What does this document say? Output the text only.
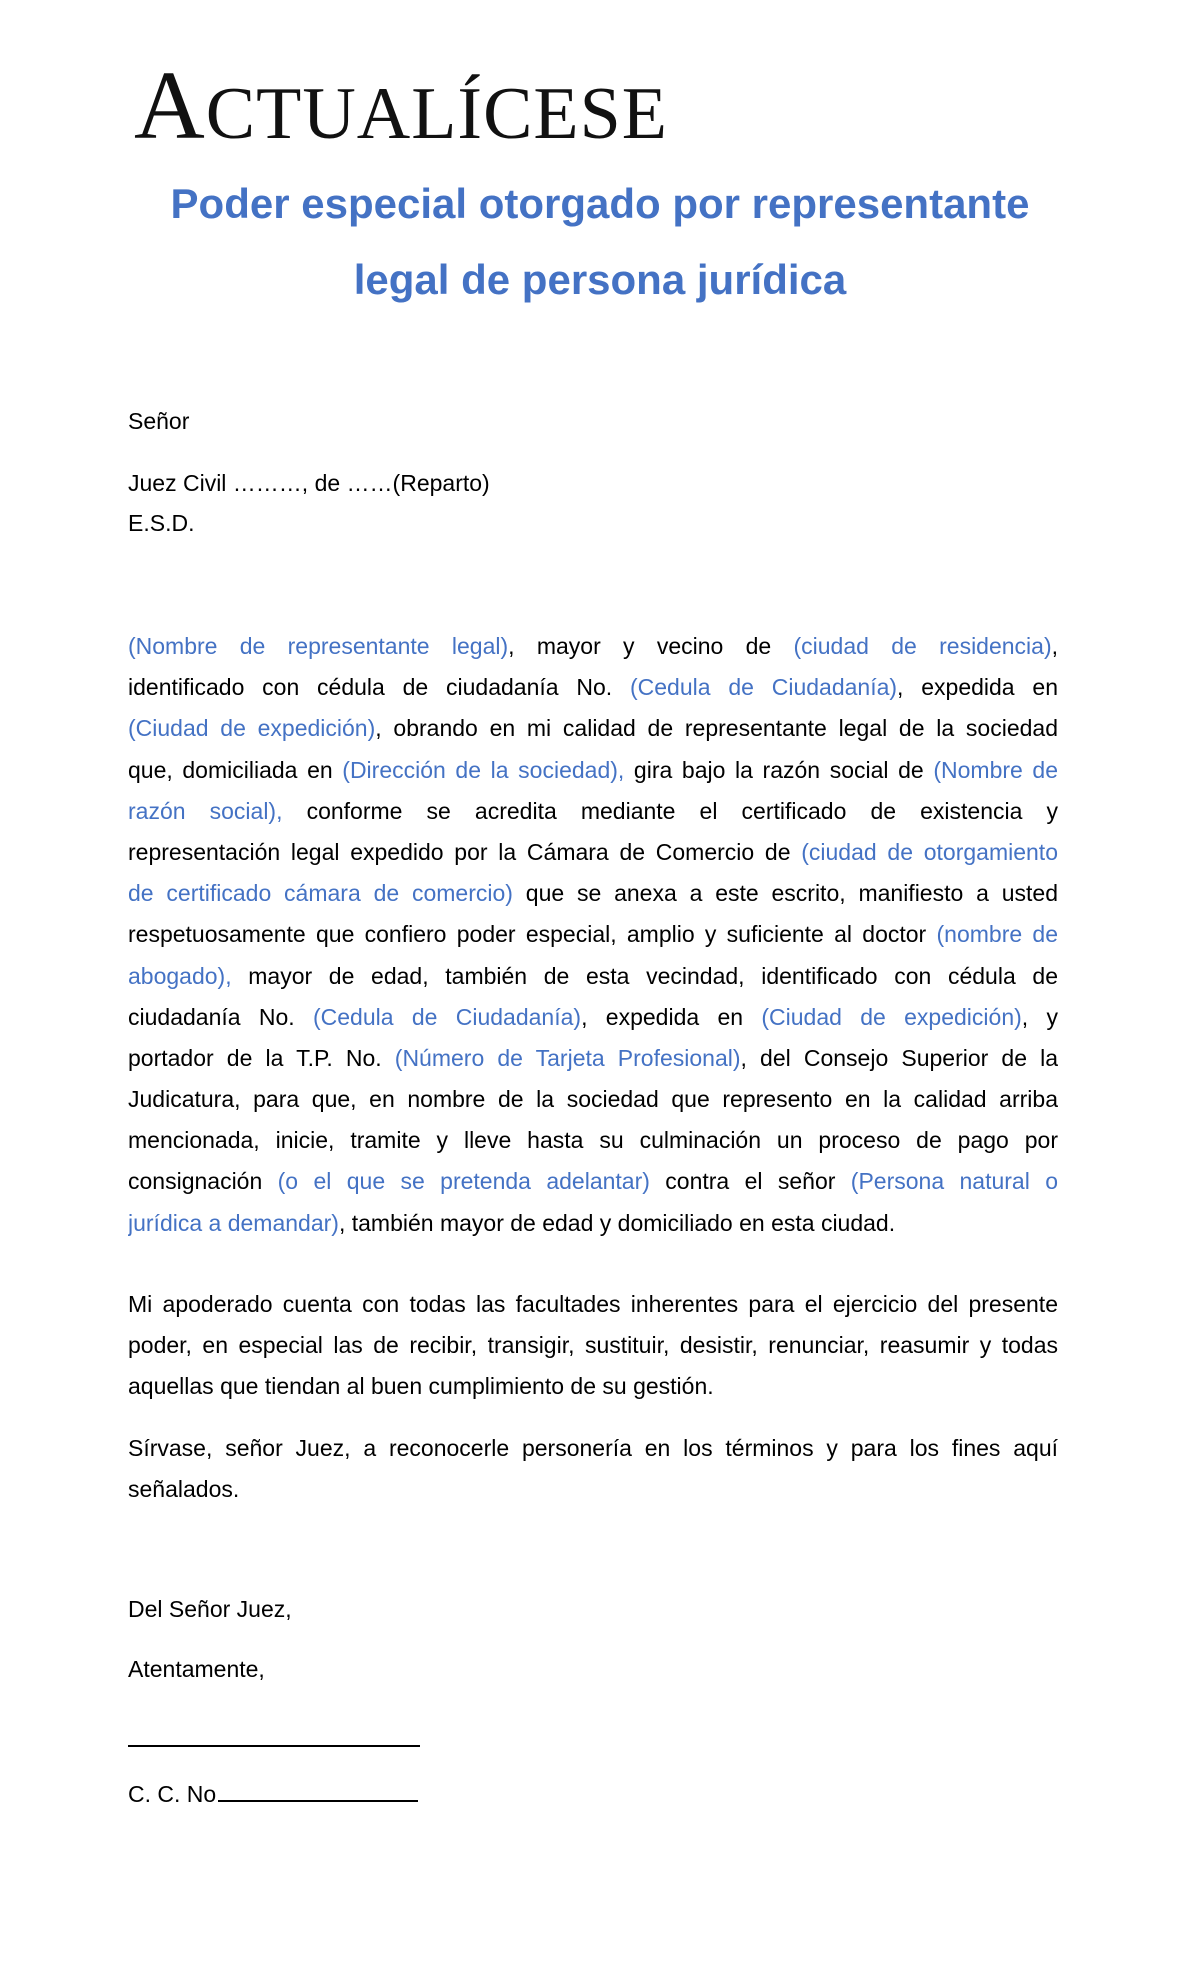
ACTUALÍCESE
Poder especial otorgado por representante
legal de persona jurídica
Señor
Juez Civil ………, de ……(Reparto)
E.S.D.
(Nombre de representante legal), mayor y vecino de (ciudad de residencia),
identificado con cédula de ciudadanía No. (Cedula de Ciudadanía), expedida en
(Ciudad de expedición), obrando en mi calidad de representante legal de la sociedad
que, domiciliada en (Dirección de la sociedad), gira bajo la razón social de (Nombre de
razón social), conforme se acredita mediante el certificado de existencia y
representación legal expedido por la Cámara de Comercio de (ciudad de otorgamiento
de certificado cámara de comercio) que se anexa a este escrito, manifiesto a usted
respetuosamente que confiero poder especial, amplio y suficiente al doctor (nombre de
abogado), mayor de edad, también de esta vecindad, identificado con cédula de
ciudadanía No. (Cedula de Ciudadanía), expedida en (Ciudad de expedición), y
portador de la T.P. No. (Número de Tarjeta Profesional), del Consejo Superior de la
Judicatura, para que, en nombre de la sociedad que represento en la calidad arriba
mencionada, inicie, tramite y lleve hasta su culminación un proceso de pago por
consignación (o el que se pretenda adelantar) contra el señor (Persona natural o
jurídica a demandar), también mayor de edad y domiciliado en esta ciudad.
Mi apoderado cuenta con todas las facultades inherentes para el ejercicio del presente
poder, en especial las de recibir, transigir, sustituir, desistir, renunciar, reasumir y todas
aquellas que tiendan al buen cumplimiento de su gestión.
Sírvase, señor Juez, a reconocerle personería en los términos y para los fines aquí
señalados.
Del Señor Juez,
Atentamente,
C. C. No
